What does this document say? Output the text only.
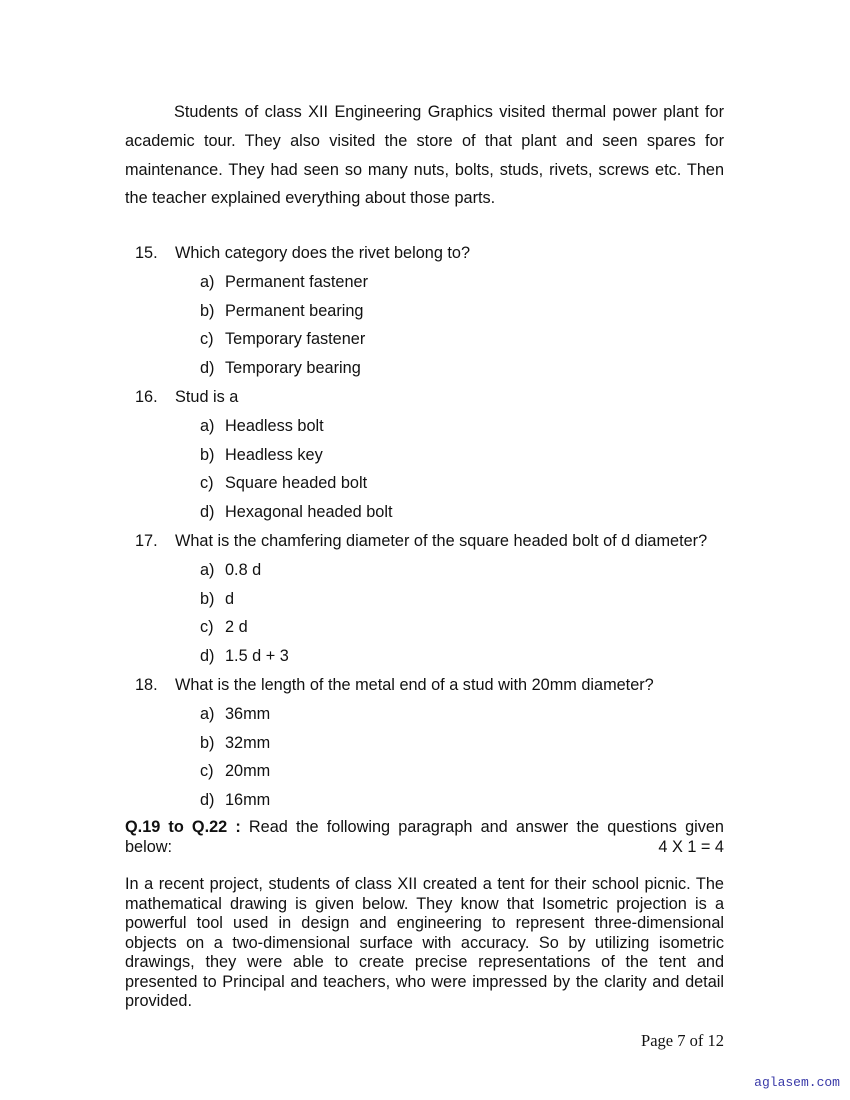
Students of class XII Engineering Graphics visited thermal power plant for academic tour. They also visited the store of that plant and seen spares for maintenance. They had seen so many nuts, bolts, studs, rivets, screws etc. Then the teacher explained everything about those parts.

15. Which category does the rivet belong to?
a) Permanent fastener
b) Permanent bearing
c) Temporary fastener
d) Temporary bearing
16. Stud is a
a) Headless bolt
b) Headless key
c) Square headed bolt
d) Hexagonal headed bolt
17. What is the chamfering diameter of the square headed bolt of d diameter?
a) 0.8 d
b) d
c) 2 d
d) 1.5 d + 3
18. What is the length of the metal end of a stud with 20mm diameter?
a) 36mm
b) 32mm
c) 20mm
d) 16mm
Q.19 to Q.22 : Read the following paragraph and answer the questions given
below:	4 X 1 = 4

In a recent project, students of class XII created a tent for their school picnic. The mathematical drawing is given below. They know that Isometric projection is a powerful tool used in design and engineering to represent three-dimensional objects on a two-dimensional surface with accuracy. So by utilizing isometric drawings, they were able to create precise representations of the tent and presented to Principal and teachers, who were impressed by the clarity and detail provided.

Page 7 of 12
aglasem.com
